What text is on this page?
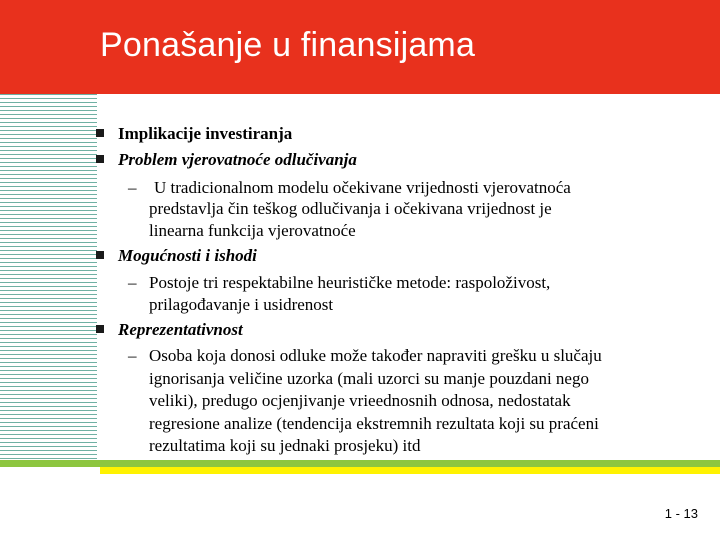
Ponašanje u finansijama
Implikacije investiranja
Problem vjerovatnoće odlučivanja
– U tradicionalnom modelu očekivane vrijednosti vjerovatnoća
predstavlja čin teškog odlučivanja i očekivana vrijednost je
linearna funkcija vjerovatnoće
Mogućnosti i ishodi
– Postoje tri respektabilne heurističke metode: raspoloživost,
prilagođavanje i usidrenost
Reprezentativnost
– Osoba koja donosi odluke može također napraviti grešku u slučaju
ignorisanja veličine uzorka (mali uzorci su manje pouzdani nego
veliki), predugo ocjenjivanje vrieednosnih odnosa, nedostatak
regresione analize (tendencija ekstremnih rezultata koji su praćeni
rezultatima koji su jednaki prosjeku) itd
1 - 13
